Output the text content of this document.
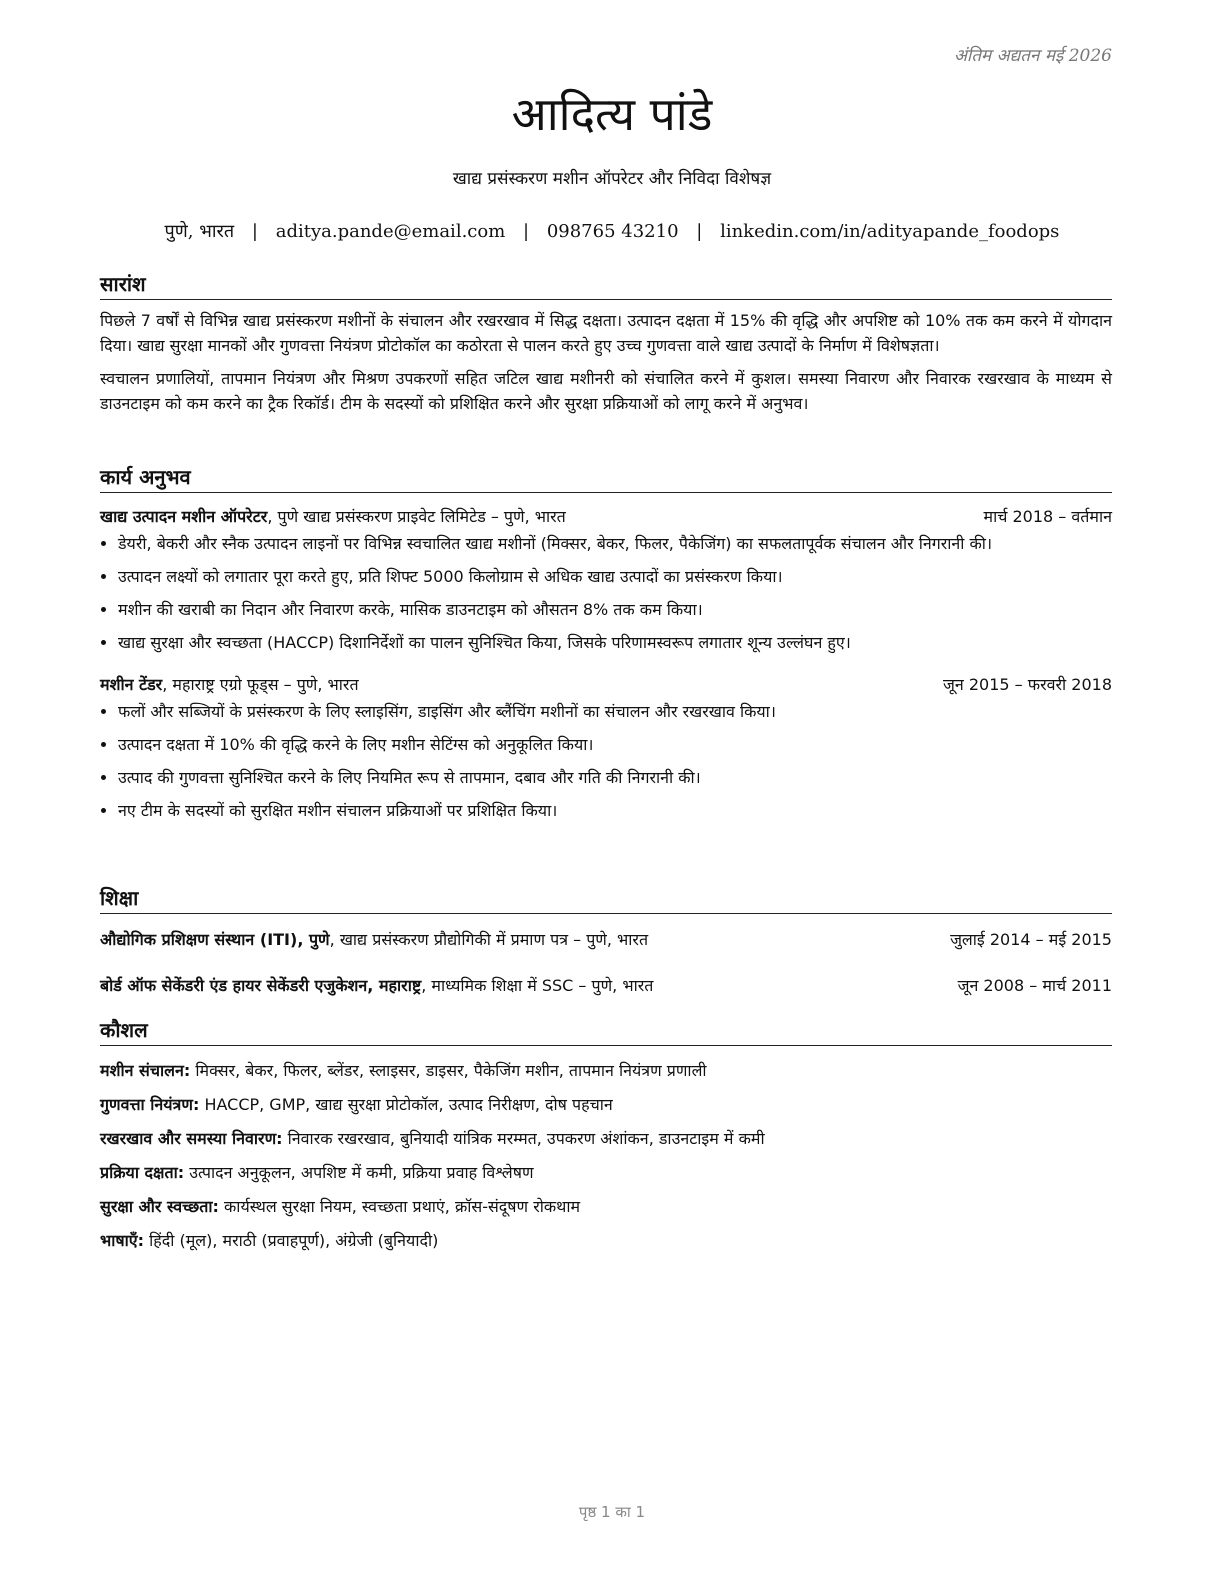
अंतिम अद्यतन मई 2026
आदित्य पांडे
खाद्य प्रसंस्करण मशीन ऑपरेटर और निविदा विशेषज्ञ
पुणे, भारत | aditya.pande@email.com | 098765 43210 | linkedin.com/in/adityapande_foodops
सारांश

पिछले 7 वर्षों से विभिन्न खाद्य प्रसंस्करण मशीनों के संचालन और रखरखाव में सिद्ध दक्षता। उत्पादन दक्षता में 15% की वृद्धि और अपशिष्ट को 10% तक कम करने में योगदान दिया। खाद्य सुरक्षा मानकों और गुणवत्ता नियंत्रण प्रोटोकॉल का कठोरता से पालन करते हुए उच्च गुणवत्ता वाले खाद्य उत्पादों के निर्माण में विशेषज्ञता।

स्वचालन प्रणालियों, तापमान नियंत्रण और मिश्रण उपकरणों सहित जटिल खाद्य मशीनरी को संचालित करने में कुशल। समस्या निवारण और निवारक रखरखाव के माध्यम से डाउनटाइम को कम करने का ट्रैक रिकॉर्ड। टीम के सदस्यों को प्रशिक्षित करने और सुरक्षा प्रक्रियाओं को लागू करने में अनुभव।

कार्य अनुभव
खाद्य उत्पादन मशीन ऑपरेटर, पुणे खाद्य प्रसंस्करण प्राइवेट लिमिटेड – पुणे, भारत	मार्च 2018 – वर्तमान
• डेयरी, बेकरी और स्नैक उत्पादन लाइनों पर विभिन्न स्वचालित खाद्य मशीनों (मिक्सर, बेकर, फिलर, पैकेजिंग) का सफलतापूर्वक संचालन और निगरानी की।
• उत्पादन लक्ष्यों को लगातार पूरा करते हुए, प्रति शिफ्ट 5000 किलोग्राम से अधिक खाद्य उत्पादों का प्रसंस्करण किया।
• मशीन की खराबी का निदान और निवारण करके, मासिक डाउनटाइम को औसतन 8% तक कम किया।
• खाद्य सुरक्षा और स्वच्छता (HACCP) दिशानिर्देशों का पालन सुनिश्चित किया, जिसके परिणामस्वरूप लगातार शून्य उल्लंघन हुए।
मशीन टेंडर, महाराष्ट्र एग्रो फूड्स – पुणे, भारत	जून 2015 – फरवरी 2018
• फलों और सब्जियों के प्रसंस्करण के लिए स्लाइसिंग, डाइसिंग और ब्लैंचिंग मशीनों का संचालन और रखरखाव किया।
• उत्पादन दक्षता में 10% की वृद्धि करने के लिए मशीन सेटिंग्स को अनुकूलित किया।
• उत्पाद की गुणवत्ता सुनिश्चित करने के लिए नियमित रूप से तापमान, दबाव और गति की निगरानी की।
• नए टीम के सदस्यों को सुरक्षित मशीन संचालन प्रक्रियाओं पर प्रशिक्षित किया।
शिक्षा
औद्योगिक प्रशिक्षण संस्थान (ITI), पुणे, खाद्य प्रसंस्करण प्रौद्योगिकी में प्रमाण पत्र – पुणे, भारत	जुलाई 2014 – मई 2015
बोर्ड ऑफ सेकेंडरी एंड हायर सेकेंडरी एजुकेशन, महाराष्ट्र, माध्यमिक शिक्षा में SSC – पुणे, भारत	जून 2008 – मार्च 2011
कौशल
मशीन संचालन: मिक्सर, बेकर, फिलर, ब्लेंडर, स्लाइसर, डाइसर, पैकेजिंग मशीन, तापमान नियंत्रण प्रणाली
गुणवत्ता नियंत्रण: HACCP, GMP, खाद्य सुरक्षा प्रोटोकॉल, उत्पाद निरीक्षण, दोष पहचान
रखरखाव और समस्या निवारण: निवारक रखरखाव, बुनियादी यांत्रिक मरम्मत, उपकरण अंशांकन, डाउनटाइम में कमी
प्रक्रिया दक्षता: उत्पादन अनुकूलन, अपशिष्ट में कमी, प्रक्रिया प्रवाह विश्लेषण
सुरक्षा और स्वच्छता: कार्यस्थल सुरक्षा नियम, स्वच्छता प्रथाएं, क्रॉस-संदूषण रोकथाम
भाषाएँ: हिंदी (मूल), मराठी (प्रवाहपूर्ण), अंग्रेजी (बुनियादी)
पृष्ठ 1 का 1
